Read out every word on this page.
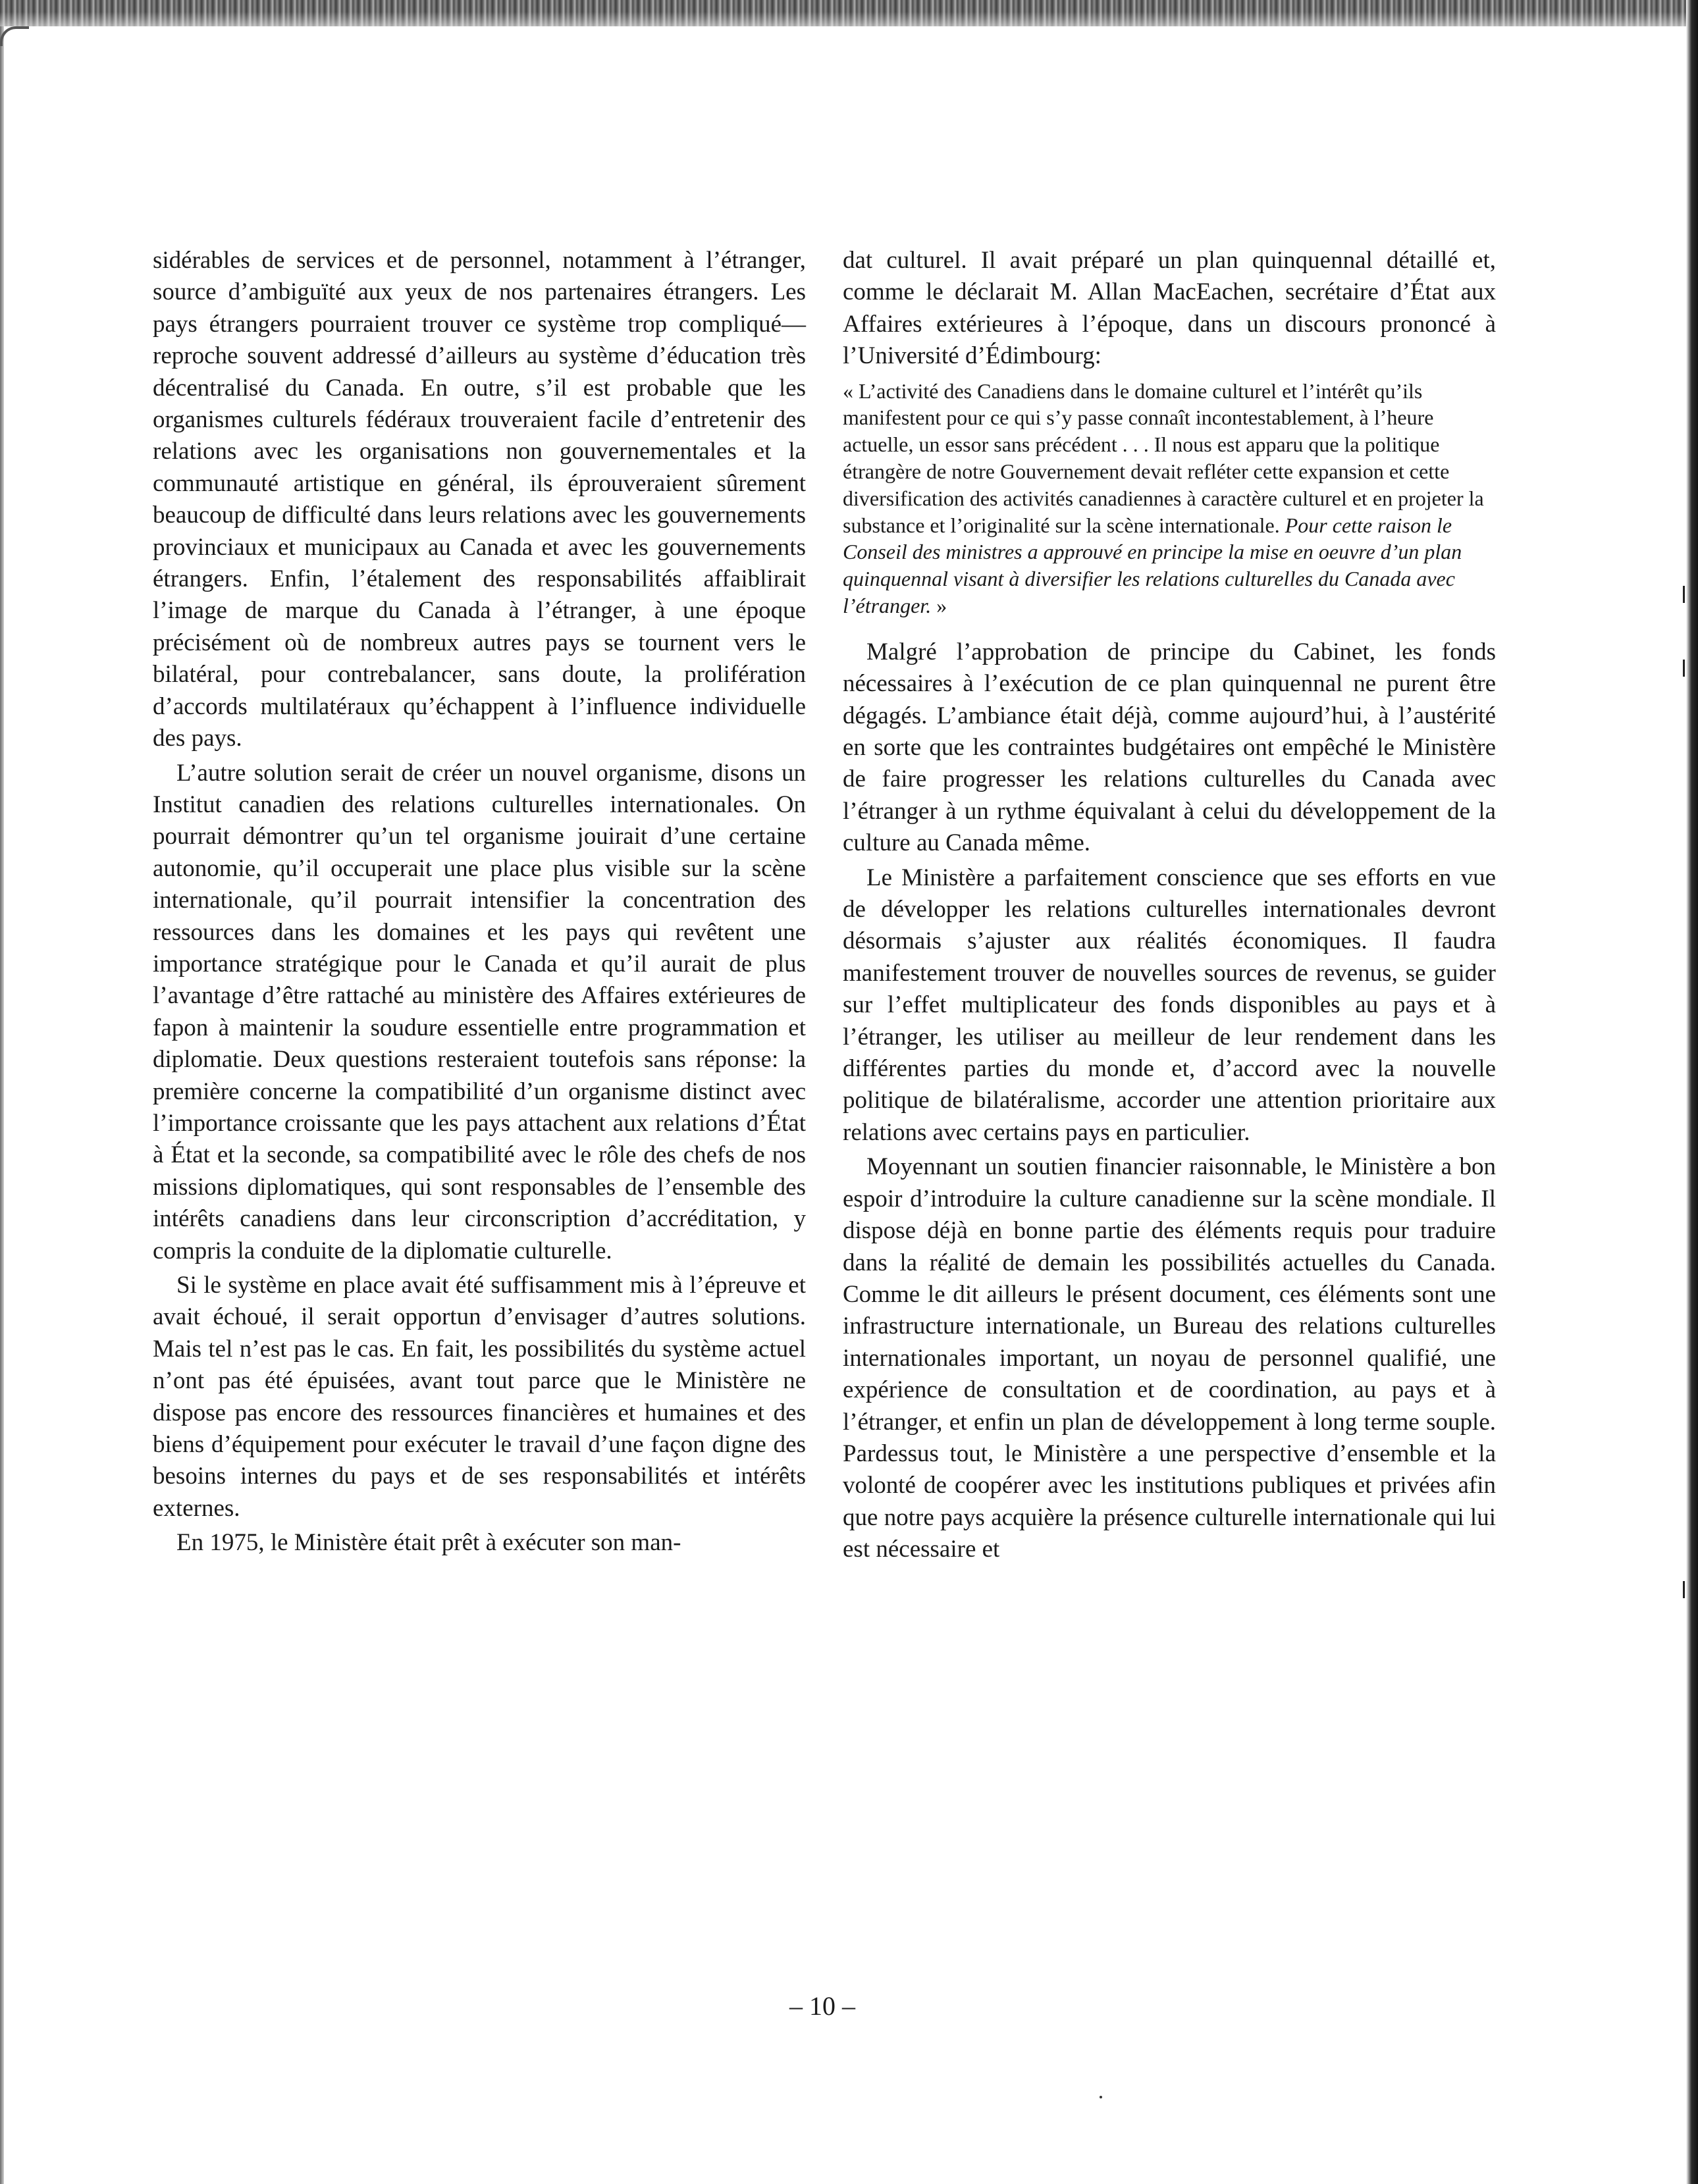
sidérables de services et de personnel, notamment à l’étranger, source d’ambiguïté aux yeux de nos partenaires étrangers. Les pays étrangers pourraient trouver ce système trop compliqué—reproche souvent addressé d’ailleurs au système d’éducation très décentralisé du Canada. En outre, s’il est probable que les organismes culturels fédéraux trouveraient facile d’entretenir des relations avec les organisations non gouvernementales et la communauté artistique en général, ils éprouveraient sûrement beaucoup de difficulté dans leurs relations avec les gouvernements provinciaux et municipaux au Canada et avec les gouvernements étrangers. Enfin, l’étalement des responsabilités affaiblirait l’image de marque du Canada à l’étranger, à une époque précisément où de nombreux autres pays se tournent vers le bilatéral, pour contrebalancer, sans doute, la prolifération d’accords multilatéraux qu’échappent à l’influence individuelle des pays.

L’autre solution serait de créer un nouvel organisme, disons un Institut canadien des relations culturelles internationales. On pourrait démontrer qu’un tel organisme jouirait d’une certaine autonomie, qu’il occuperait une place plus visible sur la scène internationale, qu’il pourrait intensifier la concentration des ressources dans les domaines et les pays qui revêtent une importance stratégique pour le Canada et qu’il aurait de plus l’avantage d’être rattaché au ministère des Affaires extérieures de fapon à maintenir la soudure essentielle entre programmation et diplomatie. Deux questions resteraient toutefois sans réponse: la première concerne la compatibilité d’un organisme distinct avec l’importance croissante que les pays attachent aux relations d’État à État et la seconde, sa compatibilité avec le rôle des chefs de nos missions diplomatiques, qui sont responsables de l’ensemble des intérêts canadiens dans leur circonscription d’accréditation, y compris la conduite de la diplomatie culturelle.

Si le système en place avait été suffisamment mis à l’épreuve et avait échoué, il serait opportun d’envisager d’autres solutions. Mais tel n’est pas le cas. En fait, les possibilités du système actuel n’ont pas été épuisées, avant tout parce que le Ministère ne dispose pas encore des ressources financières et humaines et des biens d’équipement pour exécuter le travail d’une façon digne des besoins internes du pays et de ses responsabilités et intérêts externes.

En 1975, le Ministère était prêt à exécuter son man-

dat culturel. Il avait préparé un plan quinquennal détaillé et, comme le déclarait M. Allan MacEachen, secrétaire d’État aux Affaires extérieures à l’époque, dans un discours prononcé à l’Université d’Édimbourg:

« L’activité des Canadiens dans le domaine culturel et l’intérêt qu’ils manifestent pour ce qui s’y passe connaît incontestablement, à l’heure actuelle, un essor sans précédent . . . Il nous est apparu que la politique étrangère de notre Gouvernement devait refléter cette expansion et cette diversification des activités canadiennes à caractère culturel et en projeter la substance et l’originalité sur la scène internationale. Pour cette raison le Conseil des ministres a approuvé en principe la mise en oeuvre d’un plan quinquennal visant à diversifier les relations culturelles du Canada avec l’étranger. »

Malgré l’approbation de principe du Cabinet, les fonds nécessaires à l’exécution de ce plan quinquennal ne purent être dégagés. L’ambiance était déjà, comme aujourd’hui, à l’austérité en sorte que les contraintes budgétaires ont empêché le Ministère de faire progresser les relations culturelles du Canada avec l’étranger à un rythme équivalant à celui du développement de la culture au Canada même.

Le Ministère a parfaitement conscience que ses efforts en vue de développer les relations culturelles internationales devront désormais s’ajuster aux réalités économiques. Il faudra manifestement trouver de nouvelles sources de revenus, se guider sur l’effet multiplicateur des fonds disponibles au pays et à l’étranger, les utiliser au meilleur de leur rendement dans les différentes parties du monde et, d’accord avec la nouvelle politique de bilatéralisme, accorder une attention prioritaire aux relations avec certains pays en particulier.

Moyennant un soutien financier raisonnable, le Ministère a bon espoir d’introduire la culture canadienne sur la scène mondiale. Il dispose déjà en bonne partie des éléments requis pour traduire dans la réalité de demain les possibilités actuelles du Canada. Comme le dit ailleurs le présent document, ces éléments sont une infrastructure internationale, un Bureau des relations culturelles internationales important, un noyau de personnel qualifié, une expérience de consultation et de coordination, au pays et à l’étranger, et enfin un plan de développement à long terme souple. Pardessus tout, le Ministère a une perspective d’ensemble et la volonté de coopérer avec les institutions publiques et privées afin que notre pays acquière la présence culturelle internationale qui lui est nécessaire et

– 10 –
